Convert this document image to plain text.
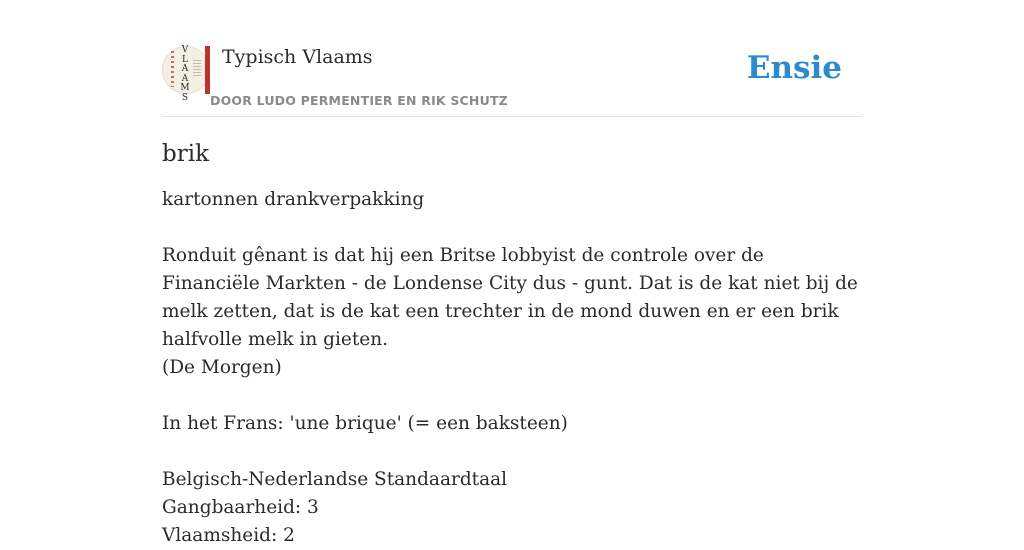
V
L
A
A
M
S
Typisch Vlaams
DOOR LUDO PERMENTIER EN RIK SCHUTZ
Ensie
brik

kartonnen drankverpakking

Ronduit gênant is dat hij een Britse lobbyist de controle over de Financiële Markten - de Londense City dus - gunt. Dat is de kat niet bij de melk zetten, dat is de kat een trechter in de mond duwen en er een brik halfvolle melk in gieten.
(De Morgen)

In het Frans: 'une brique' (= een baksteen)

Belgisch-Nederlandse Standaardtaal
Gangbaarheid: 3
Vlaamsheid: 2
